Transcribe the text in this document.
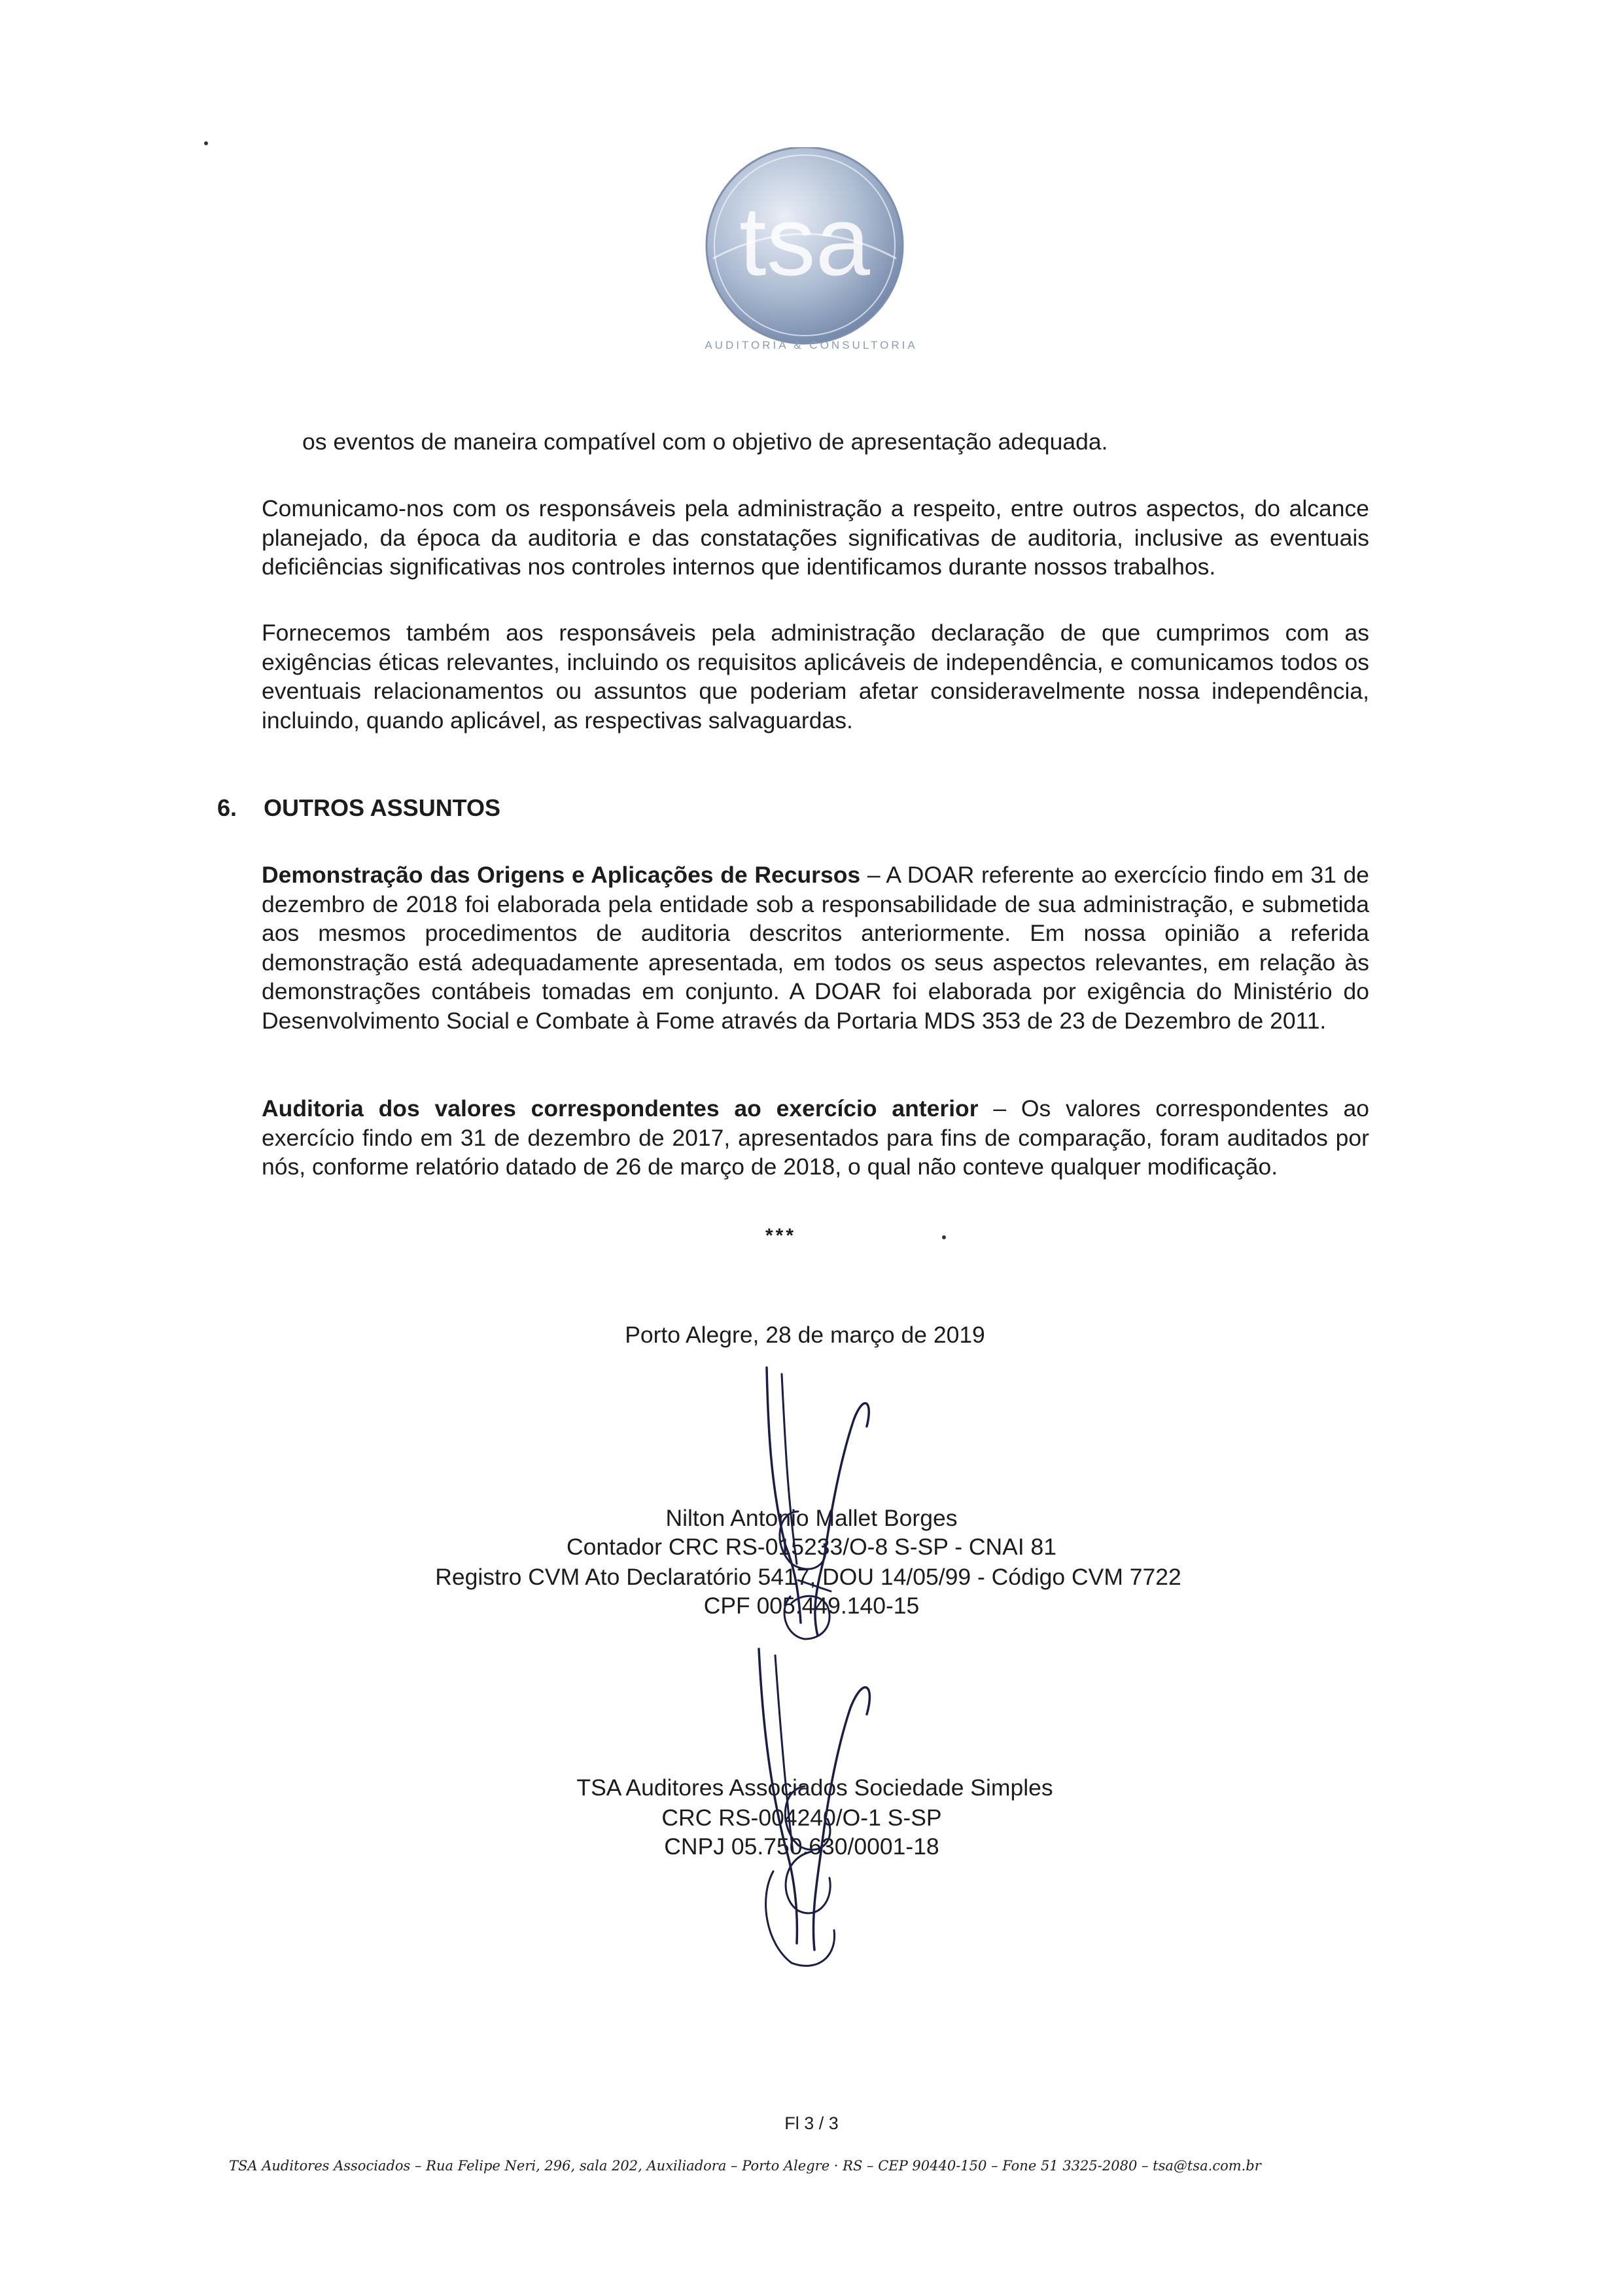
tsa
AUDITORIA & CONSULTORIA

os eventos de maneira compatível com o objetivo de apresentação adequada.

Comunicamo-nos com os responsáveis pela administração a respeito, entre outros aspectos, do alcance planejado, da época da auditoria e das constatações significativas de auditoria, inclusive as eventuais deficiências significativas nos controles internos que identificamos durante nossos trabalhos.

Fornecemos também aos responsáveis pela administração declaração de que cumprimos com as exigências éticas relevantes, incluindo os requisitos aplicáveis de independência, e comunicamos todos os eventuais relacionamentos ou assuntos que poderiam afetar consideravelmente nossa independência, incluindo, quando aplicável, as respectivas salvaguardas.

6. OUTROS ASSUNTOS

Demonstração das Origens e Aplicações de Recursos – A DOAR referente ao exercício findo em 31 de dezembro de 2018 foi elaborada pela entidade sob a responsabilidade de sua administração, e submetida aos mesmos procedimentos de auditoria descritos anteriormente. Em nossa opinião a referida demonstração está adequadamente apresentada, em todos os seus aspectos relevantes, em relação às demonstrações contábeis tomadas em conjunto. A DOAR foi elaborada por exigência do Ministério do Desenvolvimento Social e Combate à Fome através da Portaria MDS 353 de 23 de Dezembro de 2011.

Auditoria dos valores correspondentes ao exercício anterior – Os valores correspondentes ao exercício findo em 31 de dezembro de 2017, apresentados para fins de comparação, foram auditados por nós, conforme relatório datado de 26 de março de 2018, o qual não conteve qualquer modificação.

***
Porto Alegre, 28 de março de 2019
Nilton Antonio Mallet Borges
Contador CRC RS-015233/O-8 S-SP - CNAI 81
Registro CVM Ato Declaratório 5417, DOU 14/05/99 - Código CVM 7722
CPF 005.449.140-15
TSA Auditores Associados Sociedade Simples
CRC RS-004240/O-1 S-SP
CNPJ 05.750.630/0001-18
Fl 3 / 3
TSA Auditores Associados – Rua Felipe Neri, 296, sala 202, Auxiliadora – Porto Alegre · RS – CEP 90440-150 – Fone 51 3325-2080 – tsa@tsa.com.br
